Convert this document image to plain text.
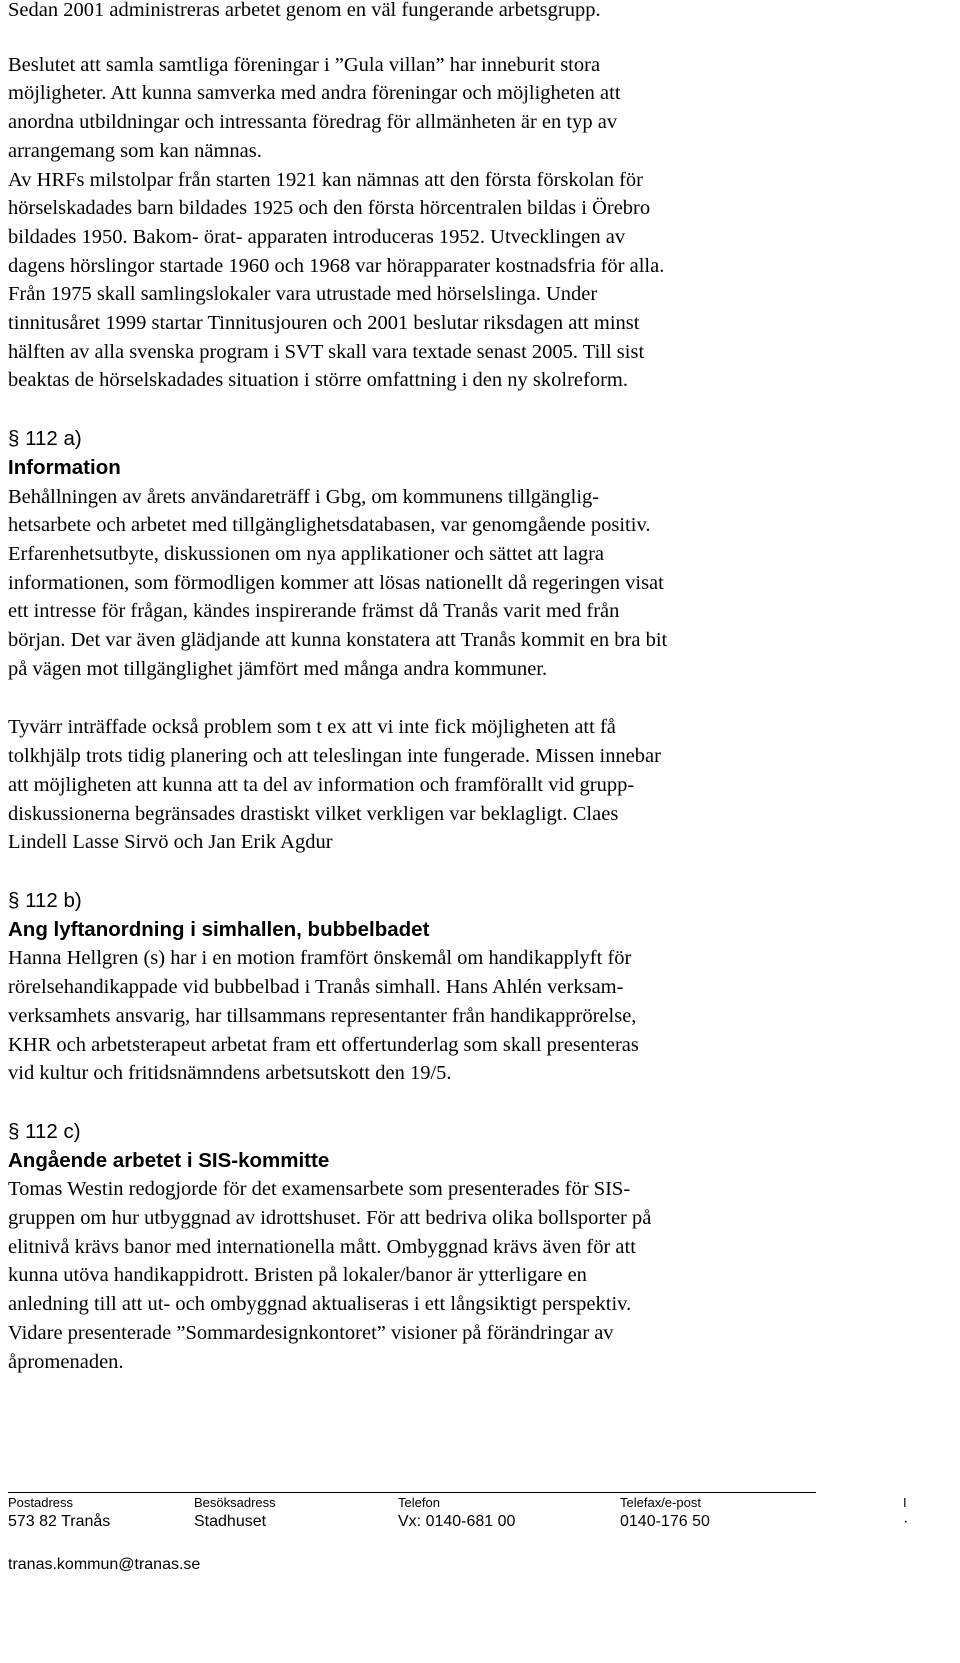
Sedan 2001 administreras arbetet genom en väl fungerande arbetsgrupp.

Beslutet att samla samtliga föreningar i ”Gula villan” har inneburit stora
möjligheter. Att kunna samverka med andra föreningar och möjligheten att
anordna utbildningar och intressanta föredrag för allmänheten är en typ av
arrangemang som kan nämnas.
Av HRFs milstolpar från starten 1921 kan nämnas att den första förskolan för
hörselskadades barn bildades 1925 och den första hörcentralen bildas i Örebro
bildades 1950. Bakom- örat- apparaten introduceras 1952. Utvecklingen av
dagens hörslingor startade 1960 och 1968 var hörapparater kostnadsfria för alla.
Från 1975 skall samlingslokaler vara utrustade med hörselslinga. Under
tinnitusåret 1999 startar Tinnitusjouren och 2001 beslutar riksdagen att minst
hälften av alla svenska program i SVT skall vara textade senast 2005. Till sist
beaktas de hörselskadades situation i större omfattning i den ny skolreform.

§ 112 a)
Information

Behållningen av årets användareträff i Gbg, om kommunens tillgänglig-
hetsarbete och arbetet med tillgänglighetsdatabasen, var genomgående positiv.
Erfarenhetsutbyte, diskussionen om nya applikationer och sättet att lagra
informationen, som förmodligen kommer att lösas nationellt då regeringen visat
ett intresse för frågan, kändes inspirerande främst då Tranås varit med från
början. Det var även glädjande att kunna konstatera att Tranås kommit en bra bit
på vägen mot tillgänglighet jämfört med många andra kommuner.

Tyvärr inträffade också problem som t ex att vi inte fick möjligheten att få
tolkhjälp trots tidig planering och att teleslingan inte fungerade. Missen innebar
att möjligheten att kunna att ta del av information och framförallt vid grupp-
diskussionerna begränsades drastiskt vilket verkligen var beklagligt. Claes
Lindell Lasse Sirvö och Jan Erik Agdur

§ 112 b)
Ang lyftanordning i simhallen, bubbelbadet

Hanna Hellgren (s) har i en motion framfört önskemål om handikapplyft för
rörelsehandikappade vid bubbelbad i Tranås simhall. Hans Ahlén verksam-
verksamhets ansvarig, har tillsammans representanter från handikapprörelse,
KHR och arbetsterapeut arbetat fram ett offertunderlag som skall presenteras
vid kultur och fritidsnämndens arbetsutskott den 19/5.

§ 112 c)
Angående arbetet i SIS-kommitte

Tomas Westin redogjorde för det examensarbete som presenterades för SIS-
gruppen om hur utbyggnad av idrottshuset. För att bedriva olika bollsporter på
elitnivå krävs banor med internationella mått. Ombyggnad krävs även för att
kunna utöva handikappidrott. Bristen på lokaler/banor är ytterligare en
anledning till att ut- och ombyggnad aktualiseras i ett långsiktigt perspektiv.
Vidare presenterade ”Sommardesignkontoret” visioner på förändringar av
åpromenaden.

Postadress	Besöksadress	Telefon	Telefax/e-post	I
573 82 Tranås	Stadhuset	Vx: 0140-681 00	0140-176 50	·
tranas.kommun@tranas.se
